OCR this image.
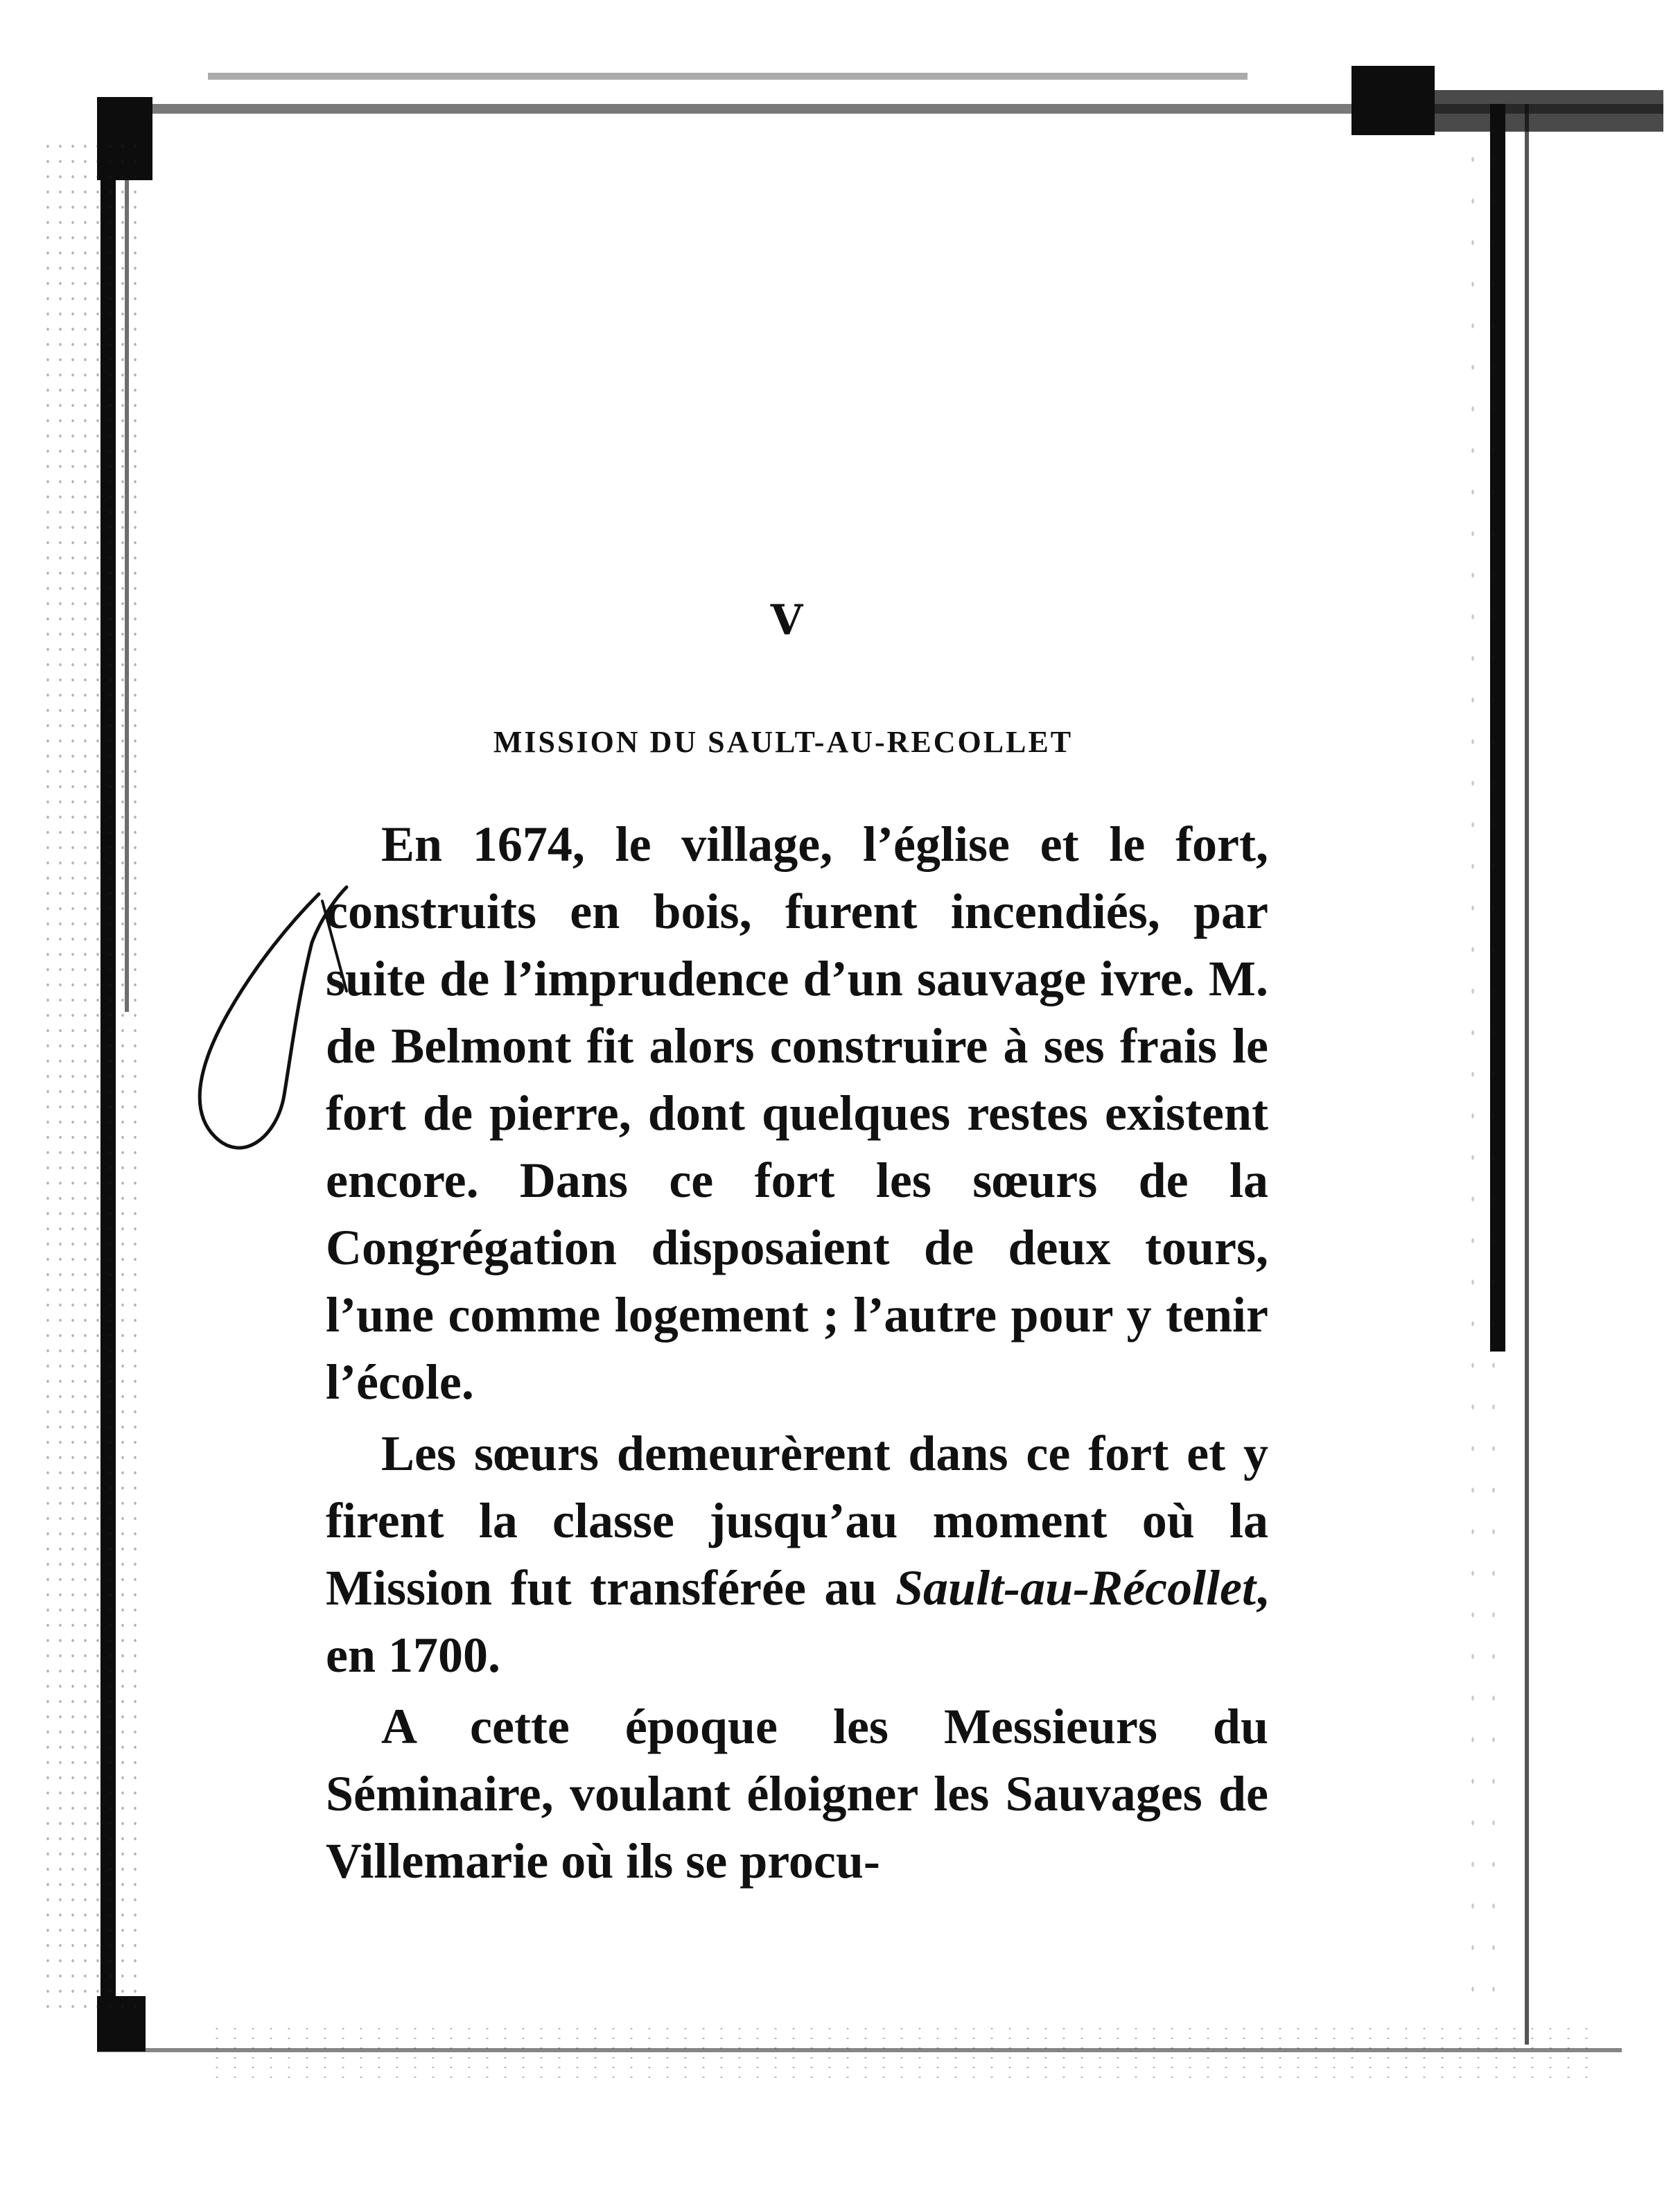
V
MISSION DU SAULT-AU-RECOLLET

En 1674, le village, l’église et le fort, construits en bois, furent incendiés, par suite de l’imprudence d’un sauvage ivre. M. de Belmont fit alors construire à ses frais le fort de pierre, dont quelques restes existent encore. Dans ce fort les sœurs de la Congrégation disposaient de deux tours, l’une comme logement ; l’autre pour y tenir l’école.

Les sœurs demeurèrent dans ce fort et y firent la classe jusqu’au moment où la Mission fut transférée au Sault-au-Récollet, en 1700.

A cette époque les Messieurs du Séminaire, voulant éloigner les Sauvages de Villemarie où ils se procu-
